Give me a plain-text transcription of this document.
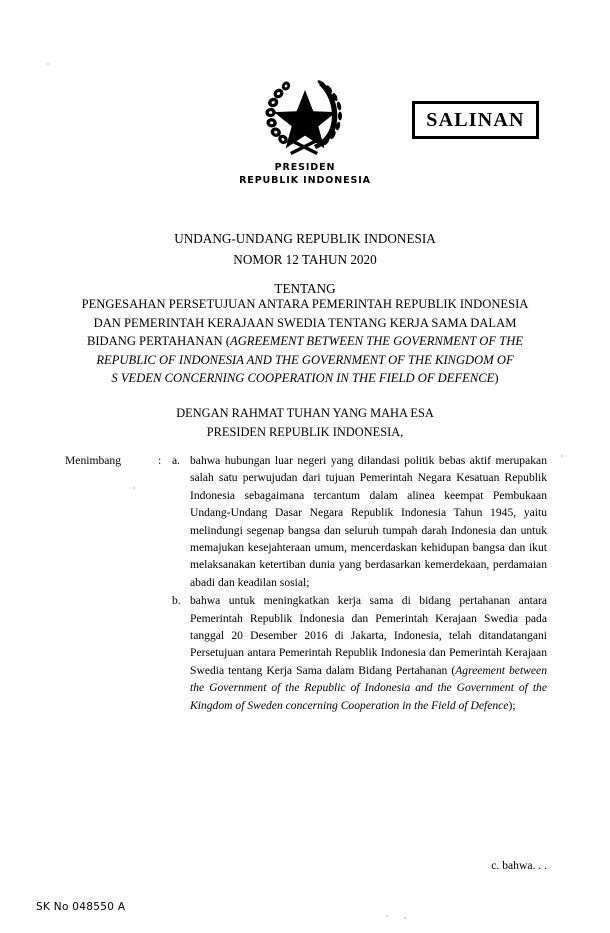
SALINAN
PRESIDEN
REPUBLIK INDONESIA
UNDANG-UNDANG REPUBLIK INDONESIA
NOMOR 12 TAHUN 2020
TENTANG
PENGESAHAN PERSETUJUAN ANTARA PEMERINTAH REPUBLIK INDONESIA
DAN PEMERINTAH KERAJAAN SWEDIA TENTANG KERJA SAMA DALAM
BIDANG PERTAHANAN (AGREEMENT BETWEEN THE GOVERNMENT OF THE
REPUBLIC OF INDONESIA AND THE GOVERNMENT OF THE KINGDOM OF
S VEDEN CONCERNING COOPERATION IN THE FIELD OF DEFENCE)
DENGAN RAHMAT TUHAN YANG MAHA ESA
PRESIDEN REPUBLIK INDONESIA,
Menimbang	: a. bahwa hubungan luar negeri yang dilandasi politik bebas aktif merupakan salah satu perwujudan dari tujuan Pemerintah Negara Kesatuan Republik Indonesia sebagaimana tercantum dalam alinea keempat Pembukaan Undang-Undang Dasar Negara Republik Indonesia Tahun 1945, yaitu melindungi segenap bangsa dan seluruh tumpah darah Indonesia dan untuk memajukan kesejahteraan umum, mencerdaskan kehidupan bangsa dan ikut melaksanakan ketertiban dunia yang berdasarkan kemerdekaan, perdamaian abadi dan keadilan sosial;
b. bahwa untuk meningkatkan kerja sama di bidang pertahanan antara Pemerintah Republik Indonesia dan Pemerintah Kerajaan Swedia pada tanggal 20 Desember 2016 di Jakarta, Indonesia, telah ditandatangani Persetujuan antara Pemerintah Republik Indonesia dan Pemerintah Kerajaan Swedia tentang Kerja Sama dalam Bidang Pertahanan (Agreement between the Government of the Republic of Indonesia and the Government of the Kingdom of Sweden concerning Cooperation in the Field of Defence);
c. bahwa. . .
SK No 048550 A
